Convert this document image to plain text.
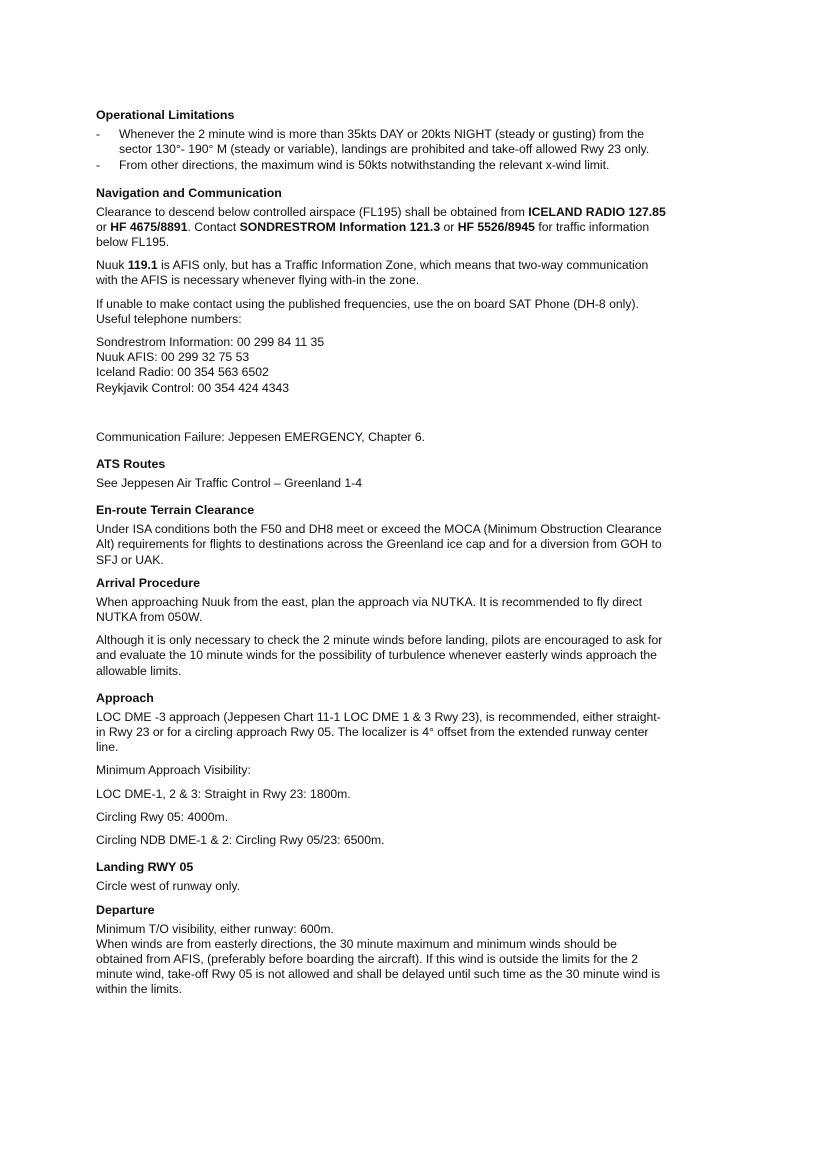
Operational Limitations
- Whenever the 2 minute wind is more than 35kts DAY or 20kts NIGHT (steady or gusting) from the sector 130°- 190° M (steady or variable), landings are prohibited and take-off allowed Rwy 23 only.
- From other directions, the maximum wind is 50kts notwithstanding the relevant x-wind limit.
Navigation and Communication

Clearance to descend below controlled airspace (FL195) shall be obtained from ICELAND RADIO 127.85 or HF 4675/8891. Contact SONDRESTROM Information 121.3 or HF 5526/8945 for traffic information below FL195.

Nuuk 119.1 is AFIS only, but has a Traffic Information Zone, which means that two-way communication with the AFIS is necessary whenever flying with-in the zone.

If unable to make contact using the published frequencies, use the on board SAT Phone (DH-8 only). Useful telephone numbers:

Sondrestrom Information: 00 299 84 11 35
Nuuk AFIS: 00 299 32 75 53
Iceland Radio: 00 354 563 6502
Reykjavik Control: 00 354 424 4343

Communication Failure: Jeppesen EMERGENCY, Chapter 6.

ATS Routes

See Jeppesen Air Traffic Control – Greenland 1-4

En-route Terrain Clearance

Under ISA conditions both the F50 and DH8 meet or exceed the MOCA (Minimum Obstruction Clearance Alt) requirements for flights to destinations across the Greenland ice cap and for a diversion from GOH to SFJ or UAK.

Arrival Procedure

When approaching Nuuk from the east, plan the approach via NUTKA. It is recommended to fly direct NUTKA from 050W.

Although it is only necessary to check the 2 minute winds before landing, pilots are encouraged to ask for and evaluate the 10 minute winds for the possibility of turbulence whenever easterly winds approach the allowable limits.

Approach

LOC DME -3 approach (Jeppesen Chart 11-1 LOC DME 1 & 3 Rwy 23), is recommended, either straight-in Rwy 23 or for a circling approach Rwy 05. The localizer is 4° offset from the extended runway center line.

Minimum Approach Visibility:

LOC DME-1, 2 & 3: Straight in Rwy 23: 1800m.

Circling Rwy 05: 4000m.

Circling NDB DME-1 & 2: Circling Rwy 05/23: 6500m.

Landing RWY 05

Circle west of runway only.

Departure

Minimum T/O visibility, either runway: 600m.
When winds are from easterly directions, the 30 minute maximum and minimum winds should be obtained from AFIS, (preferably before boarding the aircraft). If this wind is outside the limits for the 2 minute wind, take-off Rwy 05 is not allowed and shall be delayed until such time as the 30 minute wind is within the limits.
